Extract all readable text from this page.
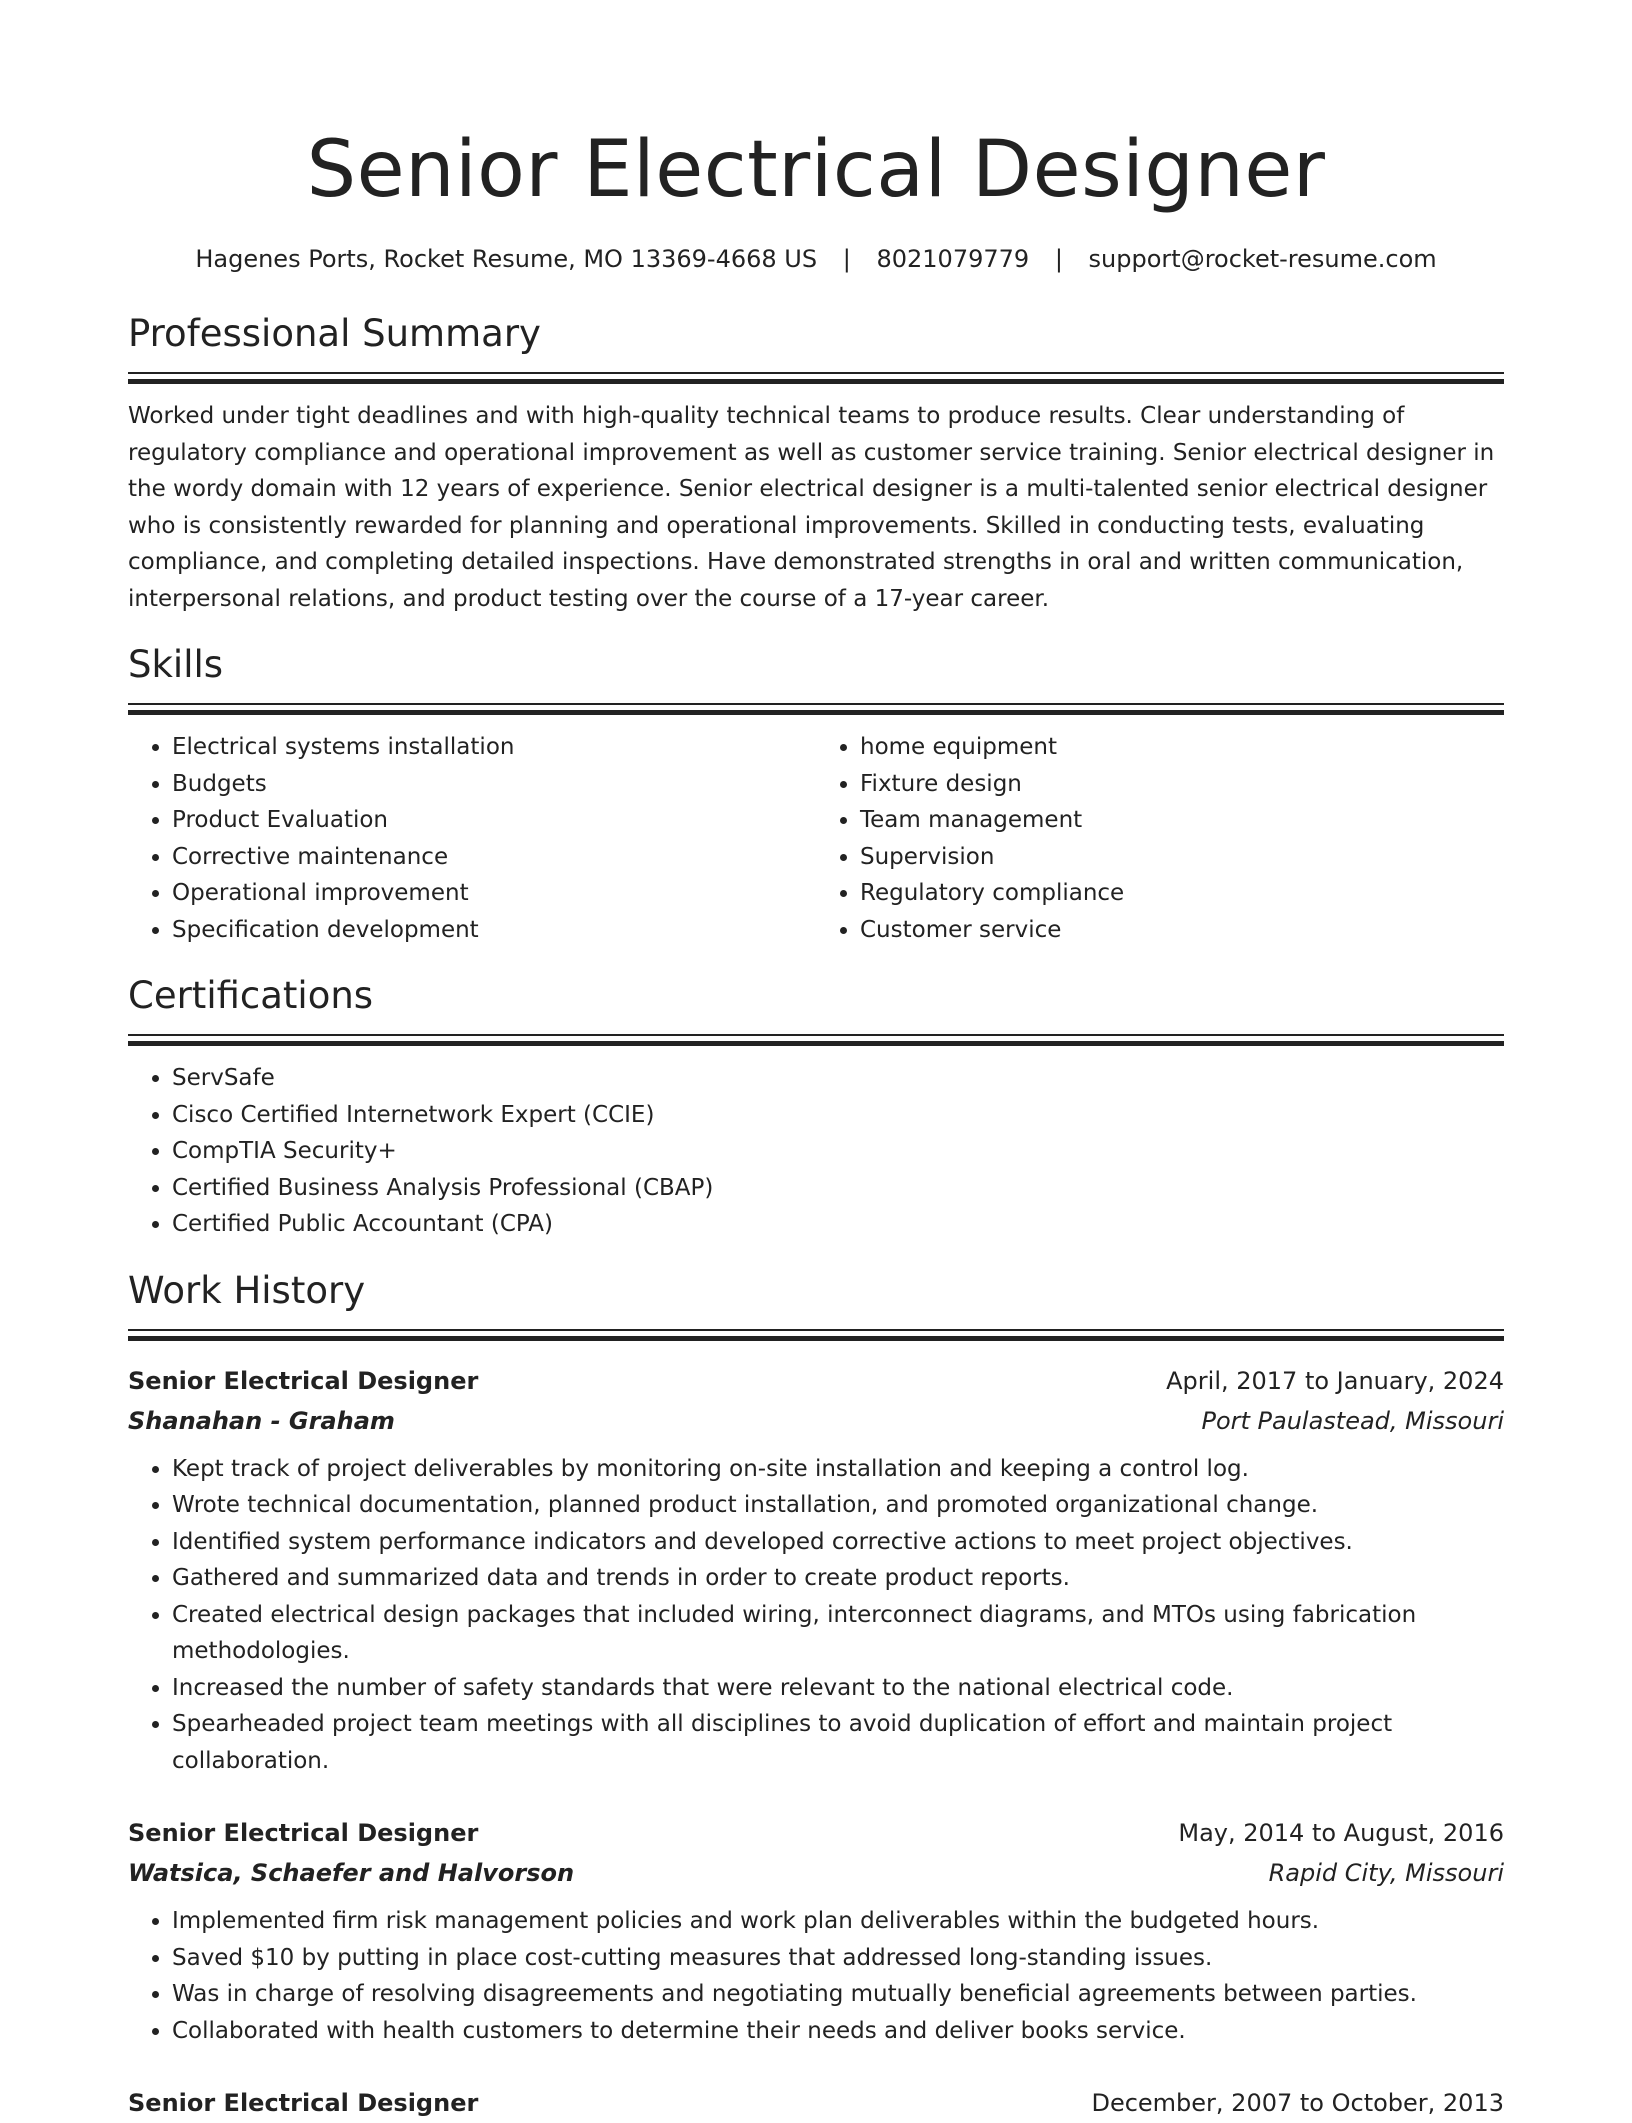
Senior Electrical Designer
Hagenes Ports, Rocket Resume, MO 13369-4668 US | 8021079779 | support@rocket-resume.com
Professional Summary

Worked under tight deadlines and with high-quality technical teams to produce results. Clear understanding of regulatory compliance and operational improvement as well as customer service training. Senior electrical designer in the wordy domain with 12 years of experience. Senior electrical designer is a multi-talented senior electrical designer who is consistently rewarded for planning and operational improvements. Skilled in conducting tests, evaluating compliance, and completing detailed inspections. Have demonstrated strengths in oral and written communication, interpersonal relations, and product testing over the course of a 17-year career.

Skills
• Electrical systems installation
• Budgets
• Product Evaluation
• Corrective maintenance
• Operational improvement
• Specification development
• home equipment
• Fixture design
• Team management
• Supervision
• Regulatory compliance
• Customer service
Certifications
• ServSafe
• Cisco Certified Internetwork Expert (CCIE)
• CompTIA Security+
• Certified Business Analysis Professional (CBAP)
• Certified Public Accountant (CPA)
Work History
Senior Electrical Designer	April, 2017 to January, 2024
Shanahan - Graham	Port Paulastead, Missouri
• Kept track of project deliverables by monitoring on-site installation and keeping a control log.
• Wrote technical documentation, planned product installation, and promoted organizational change.
• Identified system performance indicators and developed corrective actions to meet project objectives.
• Gathered and summarized data and trends in order to create product reports.
• Created electrical design packages that included wiring, interconnect diagrams, and MTOs using fabrication methodologies.
• Increased the number of safety standards that were relevant to the national electrical code.
• Spearheaded project team meetings with all disciplines to avoid duplication of effort and maintain project collaboration.
Senior Electrical Designer	May, 2014 to August, 2016
Watsica, Schaefer and Halvorson	Rapid City, Missouri
• Implemented firm risk management policies and work plan deliverables within the budgeted hours.
• Saved $10 by putting in place cost-cutting measures that addressed long-standing issues.
• Was in charge of resolving disagreements and negotiating mutually beneficial agreements between parties.
• Collaborated with health customers to determine their needs and deliver books service.
Senior Electrical Designer	December, 2007 to October, 2013
